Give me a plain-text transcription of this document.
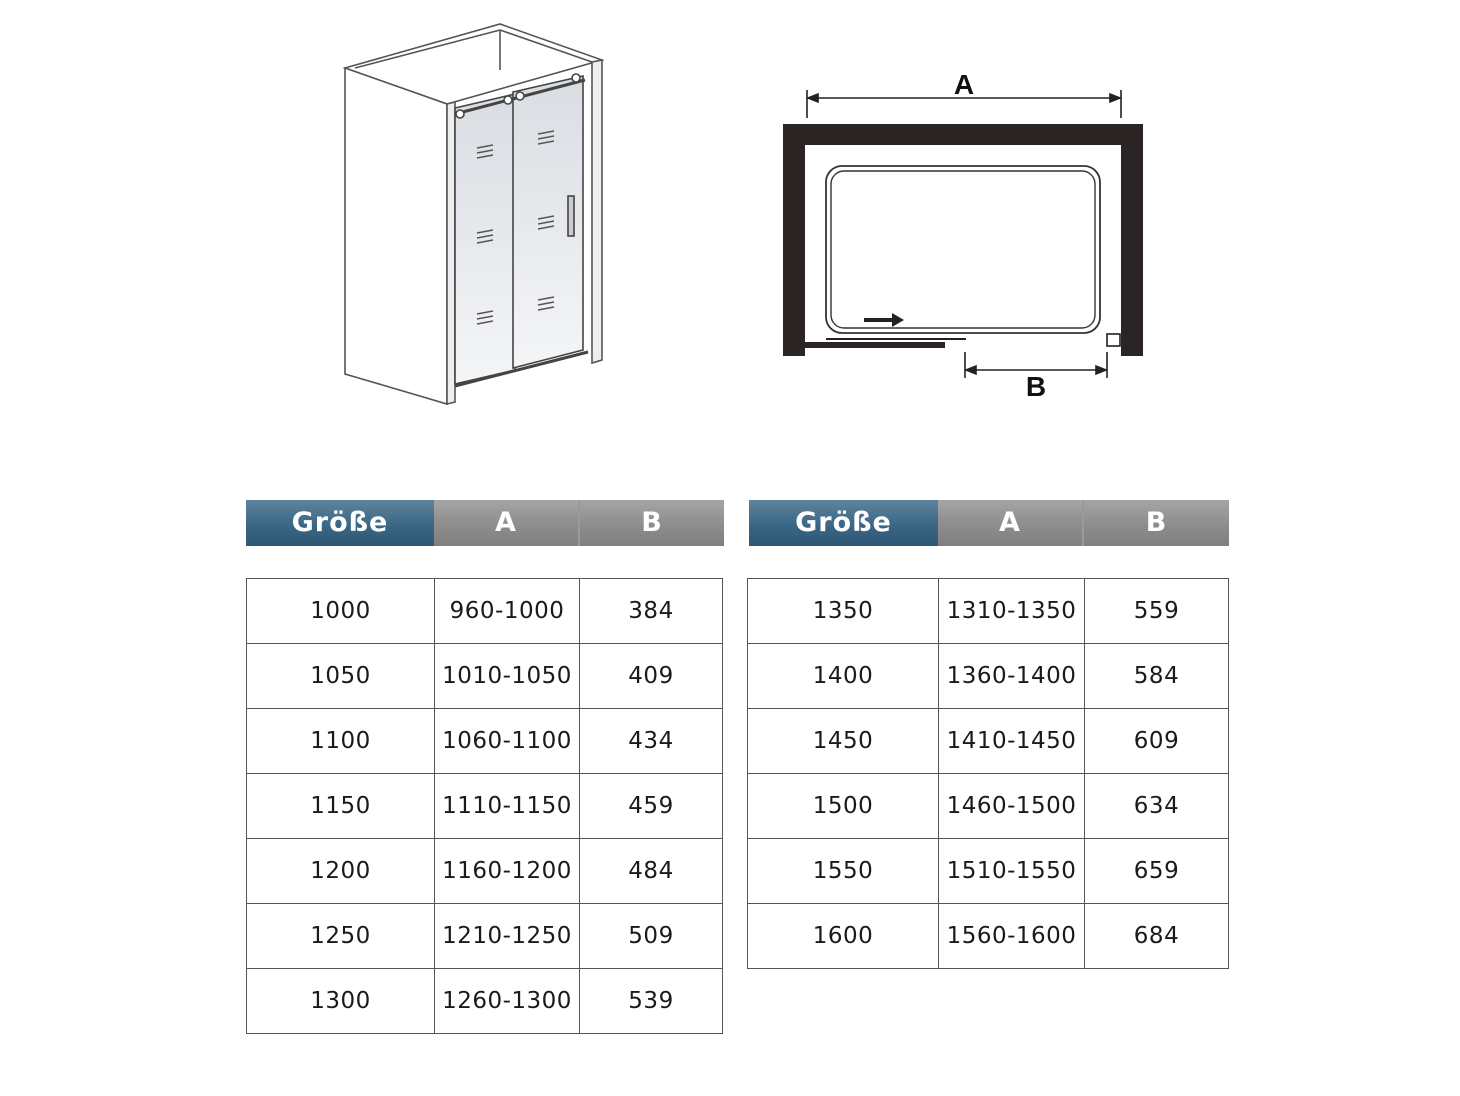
A
B
Größe	A	B	Größe	A	B
1000	960-1000	384
1050	1010-1050	409
1100	1060-1100	434
1150	1110-1150	459
1200	1160-1200	484
1250	1210-1250	509
1300	1260-1300	539
1350	1310-1350	559
1400	1360-1400	584
1450	1410-1450	609
1500	1460-1500	634
1550	1510-1550	659
1600	1560-1600	684
